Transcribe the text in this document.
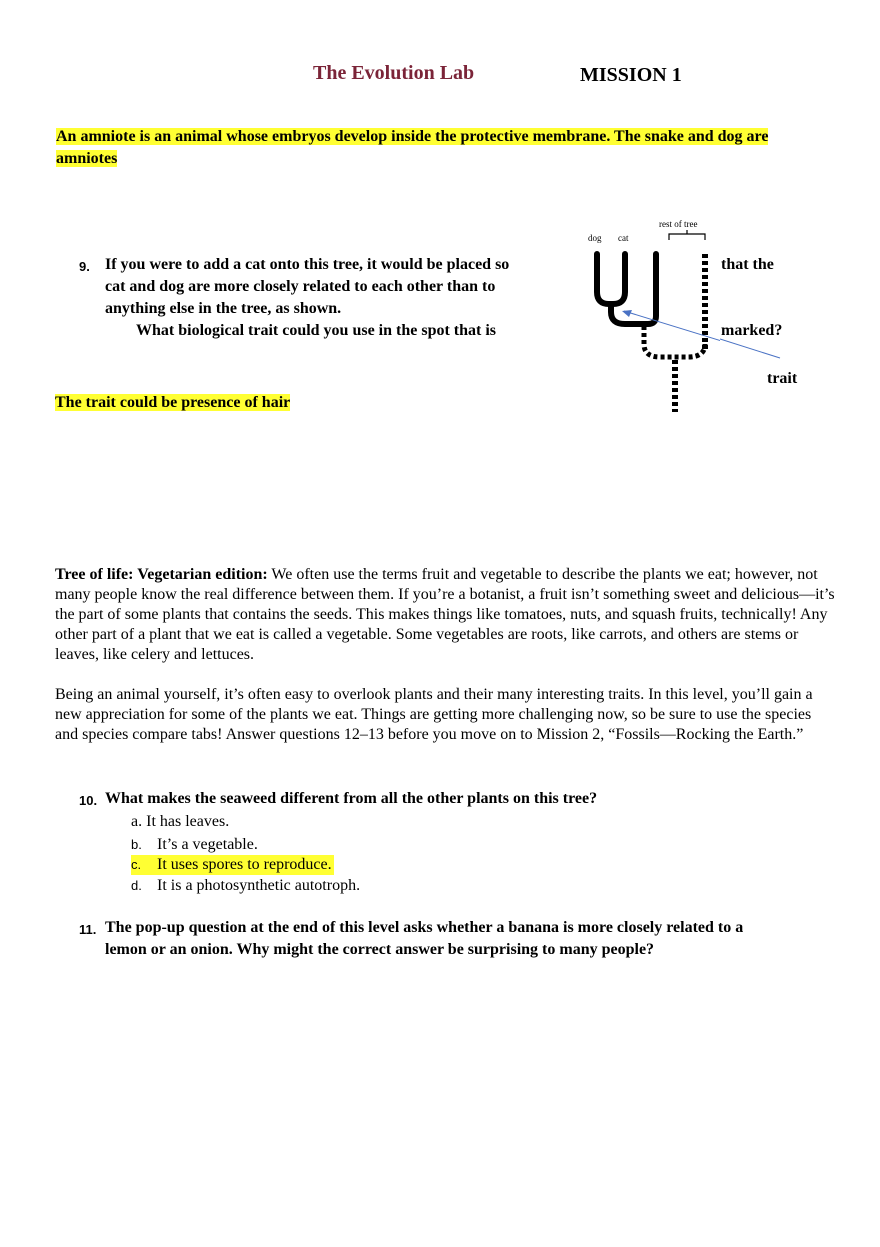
The Evolution Lab	MISSION 1
An amniote is an animal whose embryos develop inside the protective membrane. The snake and dog are amniotes
9. If you were to add a cat onto this tree, it would be placed so	that the
cat and dog are more closely related to each other than to
anything else in the tree, as shown.
What biological trait could you use in the spot that is	marked?
dog cat
rest of tree
trait
The trait could be presence of hair
Tree of life: Vegetarian edition: We often use the terms fruit and vegetable to describe the plants we eat; however, not many people know the real difference between them. If you’re a botanist, a fruit isn’t something sweet and delicious—it’s the part of some plants that contains the seeds. This makes things like tomatoes, nuts, and squash fruits, technically! Any other part of a plant that we eat is called a vegetable. Some vegetables are roots, like carrots, and others are stems or leaves, like celery and lettuces.
Being an animal yourself, it’s often easy to overlook plants and their many interesting traits. In this level, you’ll gain a new appreciation for some of the plants we eat. Things are getting more challenging now, so be sure to use the species and species compare tabs! Answer questions 12–13 before you move on to Mission 2, “Fossils—Rocking the Earth.”
10. What makes the seaweed different from all the other plants on this tree?
a. It has leaves.
b. It’s a vegetable.
c. It uses spores to reproduce.
d. It is a photosynthetic autotroph.
11. The pop-up question at the end of this level asks whether a banana is more closely related to a
lemon or an onion. Why might the correct answer be surprising to many people?
